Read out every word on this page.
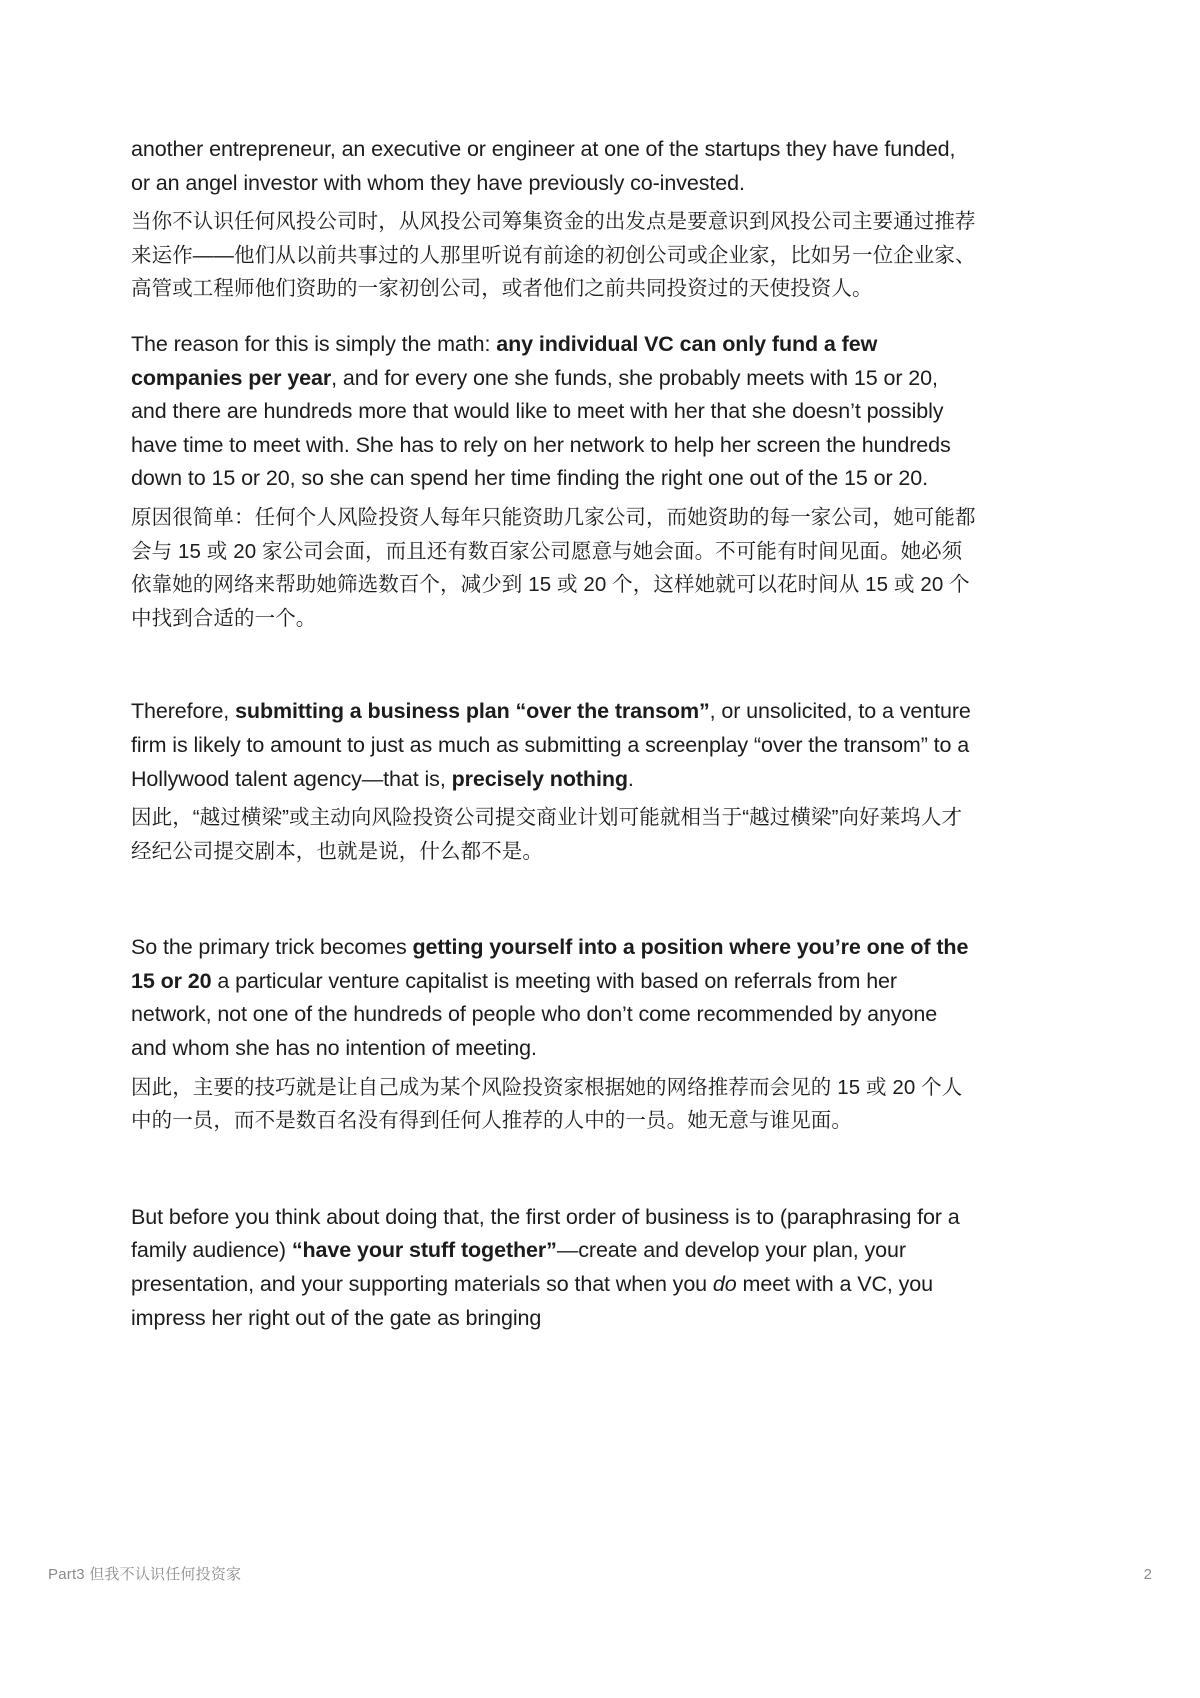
another entrepreneur, an executive or engineer at one of the startups they have funded, or an angel investor with whom they have previously co-invested.

当你不认识任何风投公司时，从风投公司筹集资金的出发点是要意识到风投公司主要通过推荐来运作——他们从以前共事过的人那里听说有前途的初创公司或企业家，比如另一位企业家、高管或工程师他们资助的一家初创公司，或者他们之前共同投资过的天使投资人。

The reason for this is simply the math: any individual VC can only fund a few companies per year, and for every one she funds, she probably meets with 15 or 20, and there are hundreds more that would like to meet with her that she doesn’t possibly have time to meet with. She has to rely on her network to help her screen the hundreds down to 15 or 20, so she can spend her time finding the right one out of the 15 or 20.

原因很简单：任何个人风险投资人每年只能资助几家公司，而她资助的每一家公司，她可能都会与 15 或 20 家公司会面，而且还有数百家公司愿意与她会面。不可能有时间见面。她必须依靠她的网络来帮助她筛选数百个，减少到 15 或 20 个，这样她就可以花时间从 15 或 20 个中找到合适的一个。

Therefore, submitting a business plan “over the transom”, or unsolicited, to a venture firm is likely to amount to just as much as submitting a screenplay “over the transom” to a Hollywood talent agency—that is, precisely nothing.

因此，“越过横梁”或主动向风险投资公司提交商业计划可能就相当于“越过横梁”向好莱坞人才经纪公司提交剧本，也就是说，什么都不是。

So the primary trick becomes getting yourself into a position where you’re one of the 15 or 20 a particular venture capitalist is meeting with based on referrals from her network, not one of the hundreds of people who don’t come recommended by anyone and whom she has no intention of meeting.

因此，主要的技巧就是让自己成为某个风险投资家根据她的网络推荐而会见的 15 或 20 个人中的一员，而不是数百名没有得到任何人推荐的人中的一员。她无意与谁见面。

But before you think about doing that, the first order of business is to (paraphrasing for a family audience) “have your stuff together”—create and develop your plan, your presentation, and your supporting materials so that when you do meet with a VC, you impress her right out of the gate as bringing

Part3 但我不认识任何投资家	2
